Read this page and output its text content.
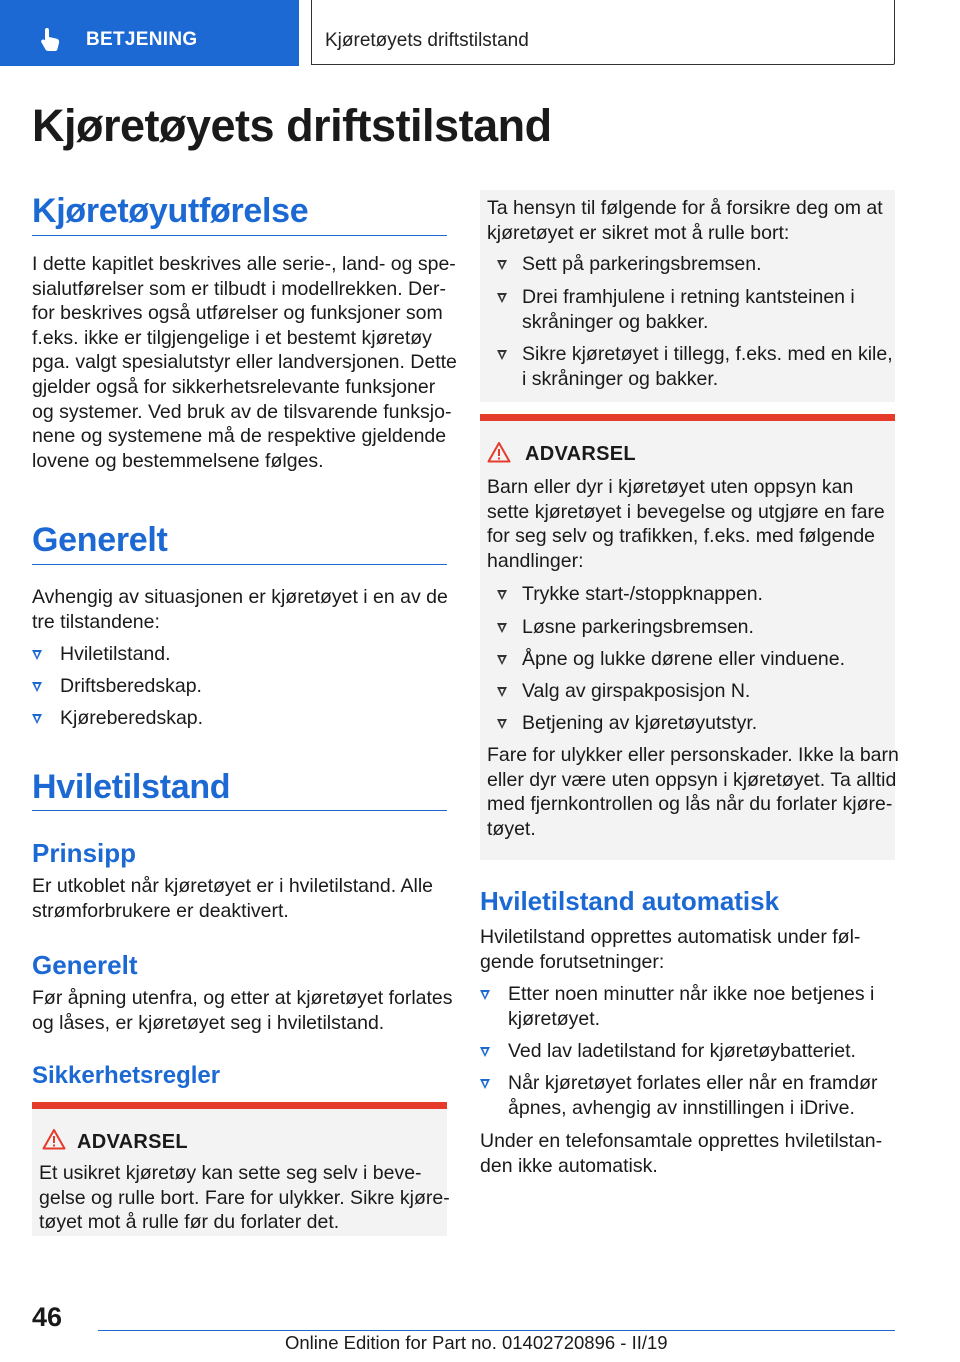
BETJENING	Kjøretøyets driftstilstand
Kjøretøyets driftstilstand
Kjøretøyutførelse
I dette kapitlet beskrives alle serie-, land- og spe-
sialutførelser som er tilbudt i modellrekken. Der-
for beskrives også utførelser og funksjoner som
f.eks. ikke er tilgjengelige i et bestemt kjøretøy
pga. valgt spesialutstyr eller landversjonen. Dette
gjelder også for sikkerhetsrelevante funksjoner
og systemer. Ved bruk av de tilsvarende funksjo-
nene og systemene må de respektive gjeldende
lovene og bestemmelsene følges.
Generelt
Avhengig av situasjonen er kjøretøyet i en av de
tre tilstandene:
Hviletilstand.
Driftsberedskap.
Kjøreberedskap.
Hviletilstand
Prinsipp
Er utkoblet når kjøretøyet er i hviletilstand. Alle
strømforbrukere er deaktivert.
Generelt
Før åpning utenfra, og etter at kjøretøyet forlates
og låses, er kjøretøyet seg i hviletilstand.
Sikkerhetsregler
ADVARSEL
Et usikret kjøretøy kan sette seg selv i beve-
gelse og rulle bort. Fare for ulykker. Sikre kjøre-
tøyet mot å rulle før du forlater det.
Ta hensyn til følgende for å forsikre deg om at
kjøretøyet er sikret mot å rulle bort:
Sett på parkeringsbremsen.
Drei framhjulene i retning kantsteinen i
skråninger og bakker.
Sikre kjøretøyet i tillegg, f.eks. med en kile,
i skråninger og bakker.
ADVARSEL
Barn eller dyr i kjøretøyet uten oppsyn kan
sette kjøretøyet i bevegelse og utgjøre en fare
for seg selv og trafikken, f.eks. med følgende
handlinger:
Trykke start-/stoppknappen.
Løsne parkeringsbremsen.
Åpne og lukke dørene eller vinduene.
Valg av girspakposisjon N.
Betjening av kjøretøyutstyr.
Fare for ulykker eller personskader. Ikke la barn
eller dyr være uten oppsyn i kjøretøyet. Ta alltid
med fjernkontrollen og lås når du forlater kjøre-
tøyet.
Hviletilstand automatisk
Hviletilstand opprettes automatisk under føl-
gende forutsetninger:
Etter noen minutter når ikke noe betjenes i
kjøretøyet.
Ved lav ladetilstand for kjøretøybatteriet.
Når kjøretøyet forlates eller når en framdør
åpnes, avhengig av innstillingen i iDrive.
Under en telefonsamtale opprettes hviletilstan-
den ikke automatisk.
46
Online Edition for Part no. 01402720896 - II/19
